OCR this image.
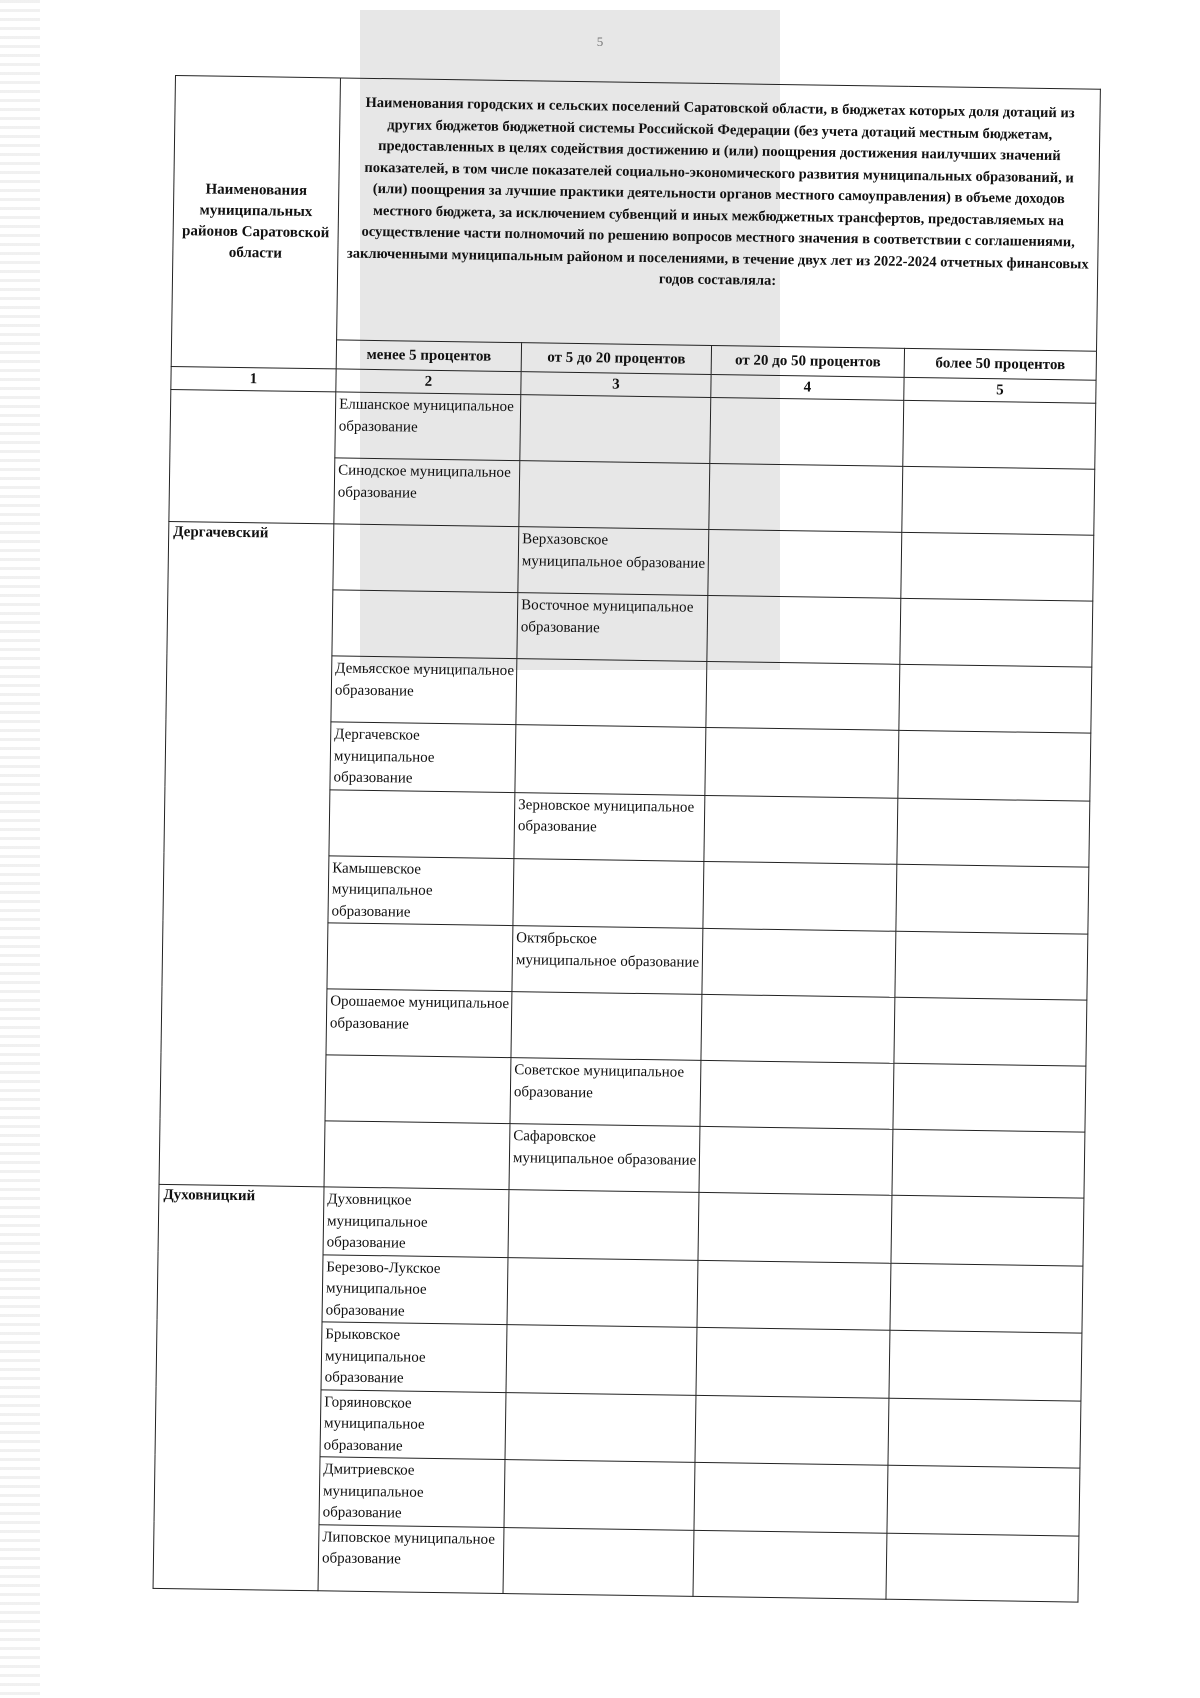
5
Наименования муниципальных районов Саратовской области	Наименования городских и сельских поселений Саратовской области, в бюджетах которых доля дотаций из других бюджетов бюджетной системы Российской Федерации (без учета дотаций местным бюджетам, предоставленных в целях содействия достижению и (или) поощрения достижения наилучших значений показателей, в том числе показателей социально-экономического развития муниципальных образований, и (или) поощрения за лучшие практики деятельности органов местного самоуправления) в объеме доходов местного бюджета, за исключением субвенций и иных межбюджетных трансфертов, предоставляемых на осуществление части полномочий по решению вопросов местного значения в соответствии с соглашениями, заключенными муниципальным районом и поселениями, в течение двух лет из 2022-2024 отчетных финансовых годов составляла:			
	менее 5 процентов	от 5 до 20 процентов	от 20 до 50 процентов	более 50 процентов
1	2	3	4	5
	Елшанское муниципальное образование			
	Синодское муниципальное образование			
Дергачевский		Верхазовское муниципальное образование		
		Восточное муниципальное образование		
	Демьясское муниципальное образование			
	Дергачевское муниципальное образование			
		Зерновское муниципальное образование		
	Камышевское муниципальное образование			
		Октябрьское муниципальное образование		
	Орошаемое муниципальное образование			
		Советское муниципальное образование		
		Сафаровское муниципальное образование		
Духовницкий	Духовницкое муниципальное образование			
	Березово-Лукское муниципальное образование			
	Брыковское муниципальное образование			
	Горяиновское муниципальное образование			
	Дмитриевское муниципальное образование			
	Липовское муниципальное образование			
